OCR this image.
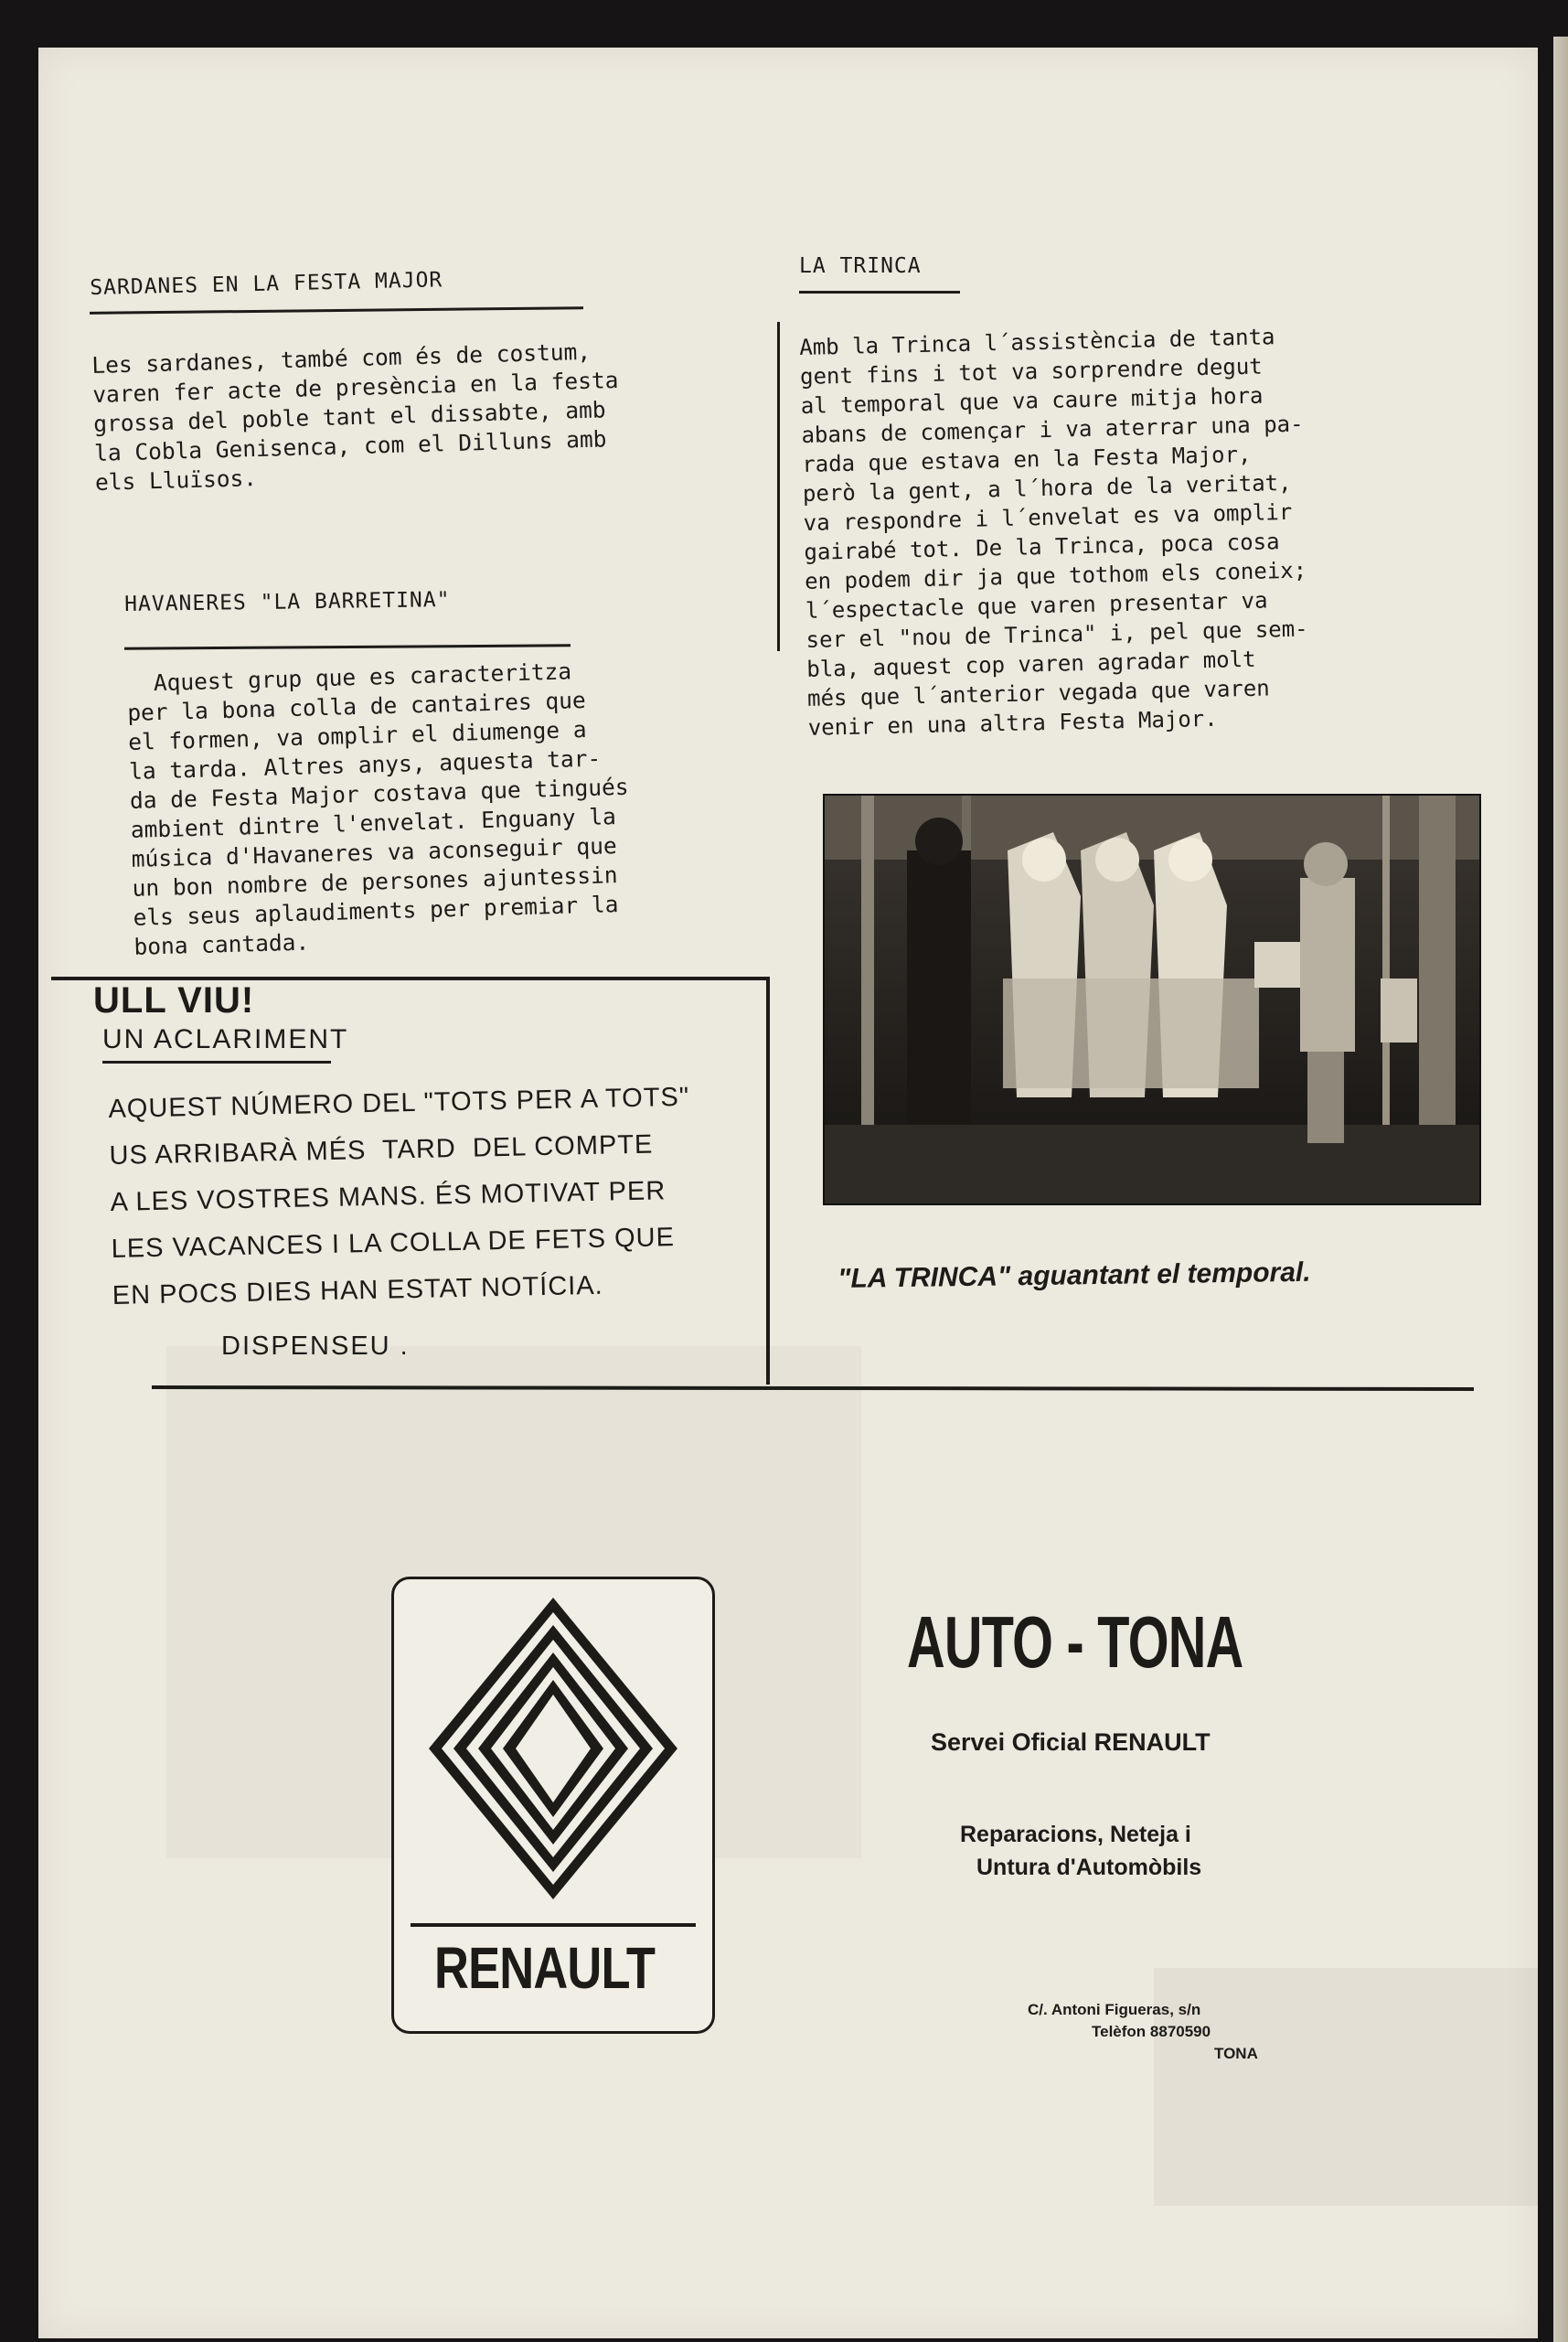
SARDANES EN LA FESTA MAJOR
Les sardanes, també com és de costum,
varen fer acte de presència en la festa
grossa del poble tant el dissabte, amb
la Cobla Genisenca, com el Dilluns amb
els Lluïsos.
HAVANERES "LA BARRETINA"
Aquest grup que es caracteritza
per la bona colla de cantaires que
el formen, va omplir el diumenge a
la tarda. Altres anys, aquesta tar-
da de Festa Major costava que tingués
ambient dintre l'envelat. Enguany la
música d'Havaneres va aconseguir que
un bon nombre de persones ajuntessin
els seus aplaudiments per premiar la
bona cantada.
LA TRINCA
Amb la Trinca l´assistència de tanta
gent fins i tot va sorprendre degut
al temporal que va caure mitja hora
abans de començar i va aterrar una pa-
rada que estava en la Festa Major,
però la gent, a l´hora de la veritat,
va respondre i l´envelat es va omplir
gairabé tot. De la Trinca, poca cosa
en podem dir ja que tothom els coneix;
l´espectacle que varen presentar va
ser el "nou de Trinca" i, pel que sem-
bla, aquest cop varen agradar molt
més que l´anterior vegada que varen
venir en una altra Festa Major.
"LA TRINCA" aguantant el temporal.
ULL VIU!
UN ACLARIMENT
AQUEST NÚMERO DEL "TOTS PER A TOTS"
US ARRIBARÀ MÉS  TARD  DEL COMPTE
A LES VOSTRES MANS. ÉS MOTIVAT PER
LES VACANCES I LA COLLA DE FETS QUE
EN POCS DIES HAN ESTAT NOTÍCIA.
DISPENSEU .
RENAULT
AUTO - TONA
Servei Oficial RENAULT
Reparacions, Neteja i
Untura d'Automòbils
C/. Antoni Figueras, s/n
Telèfon 8870590
TONA
